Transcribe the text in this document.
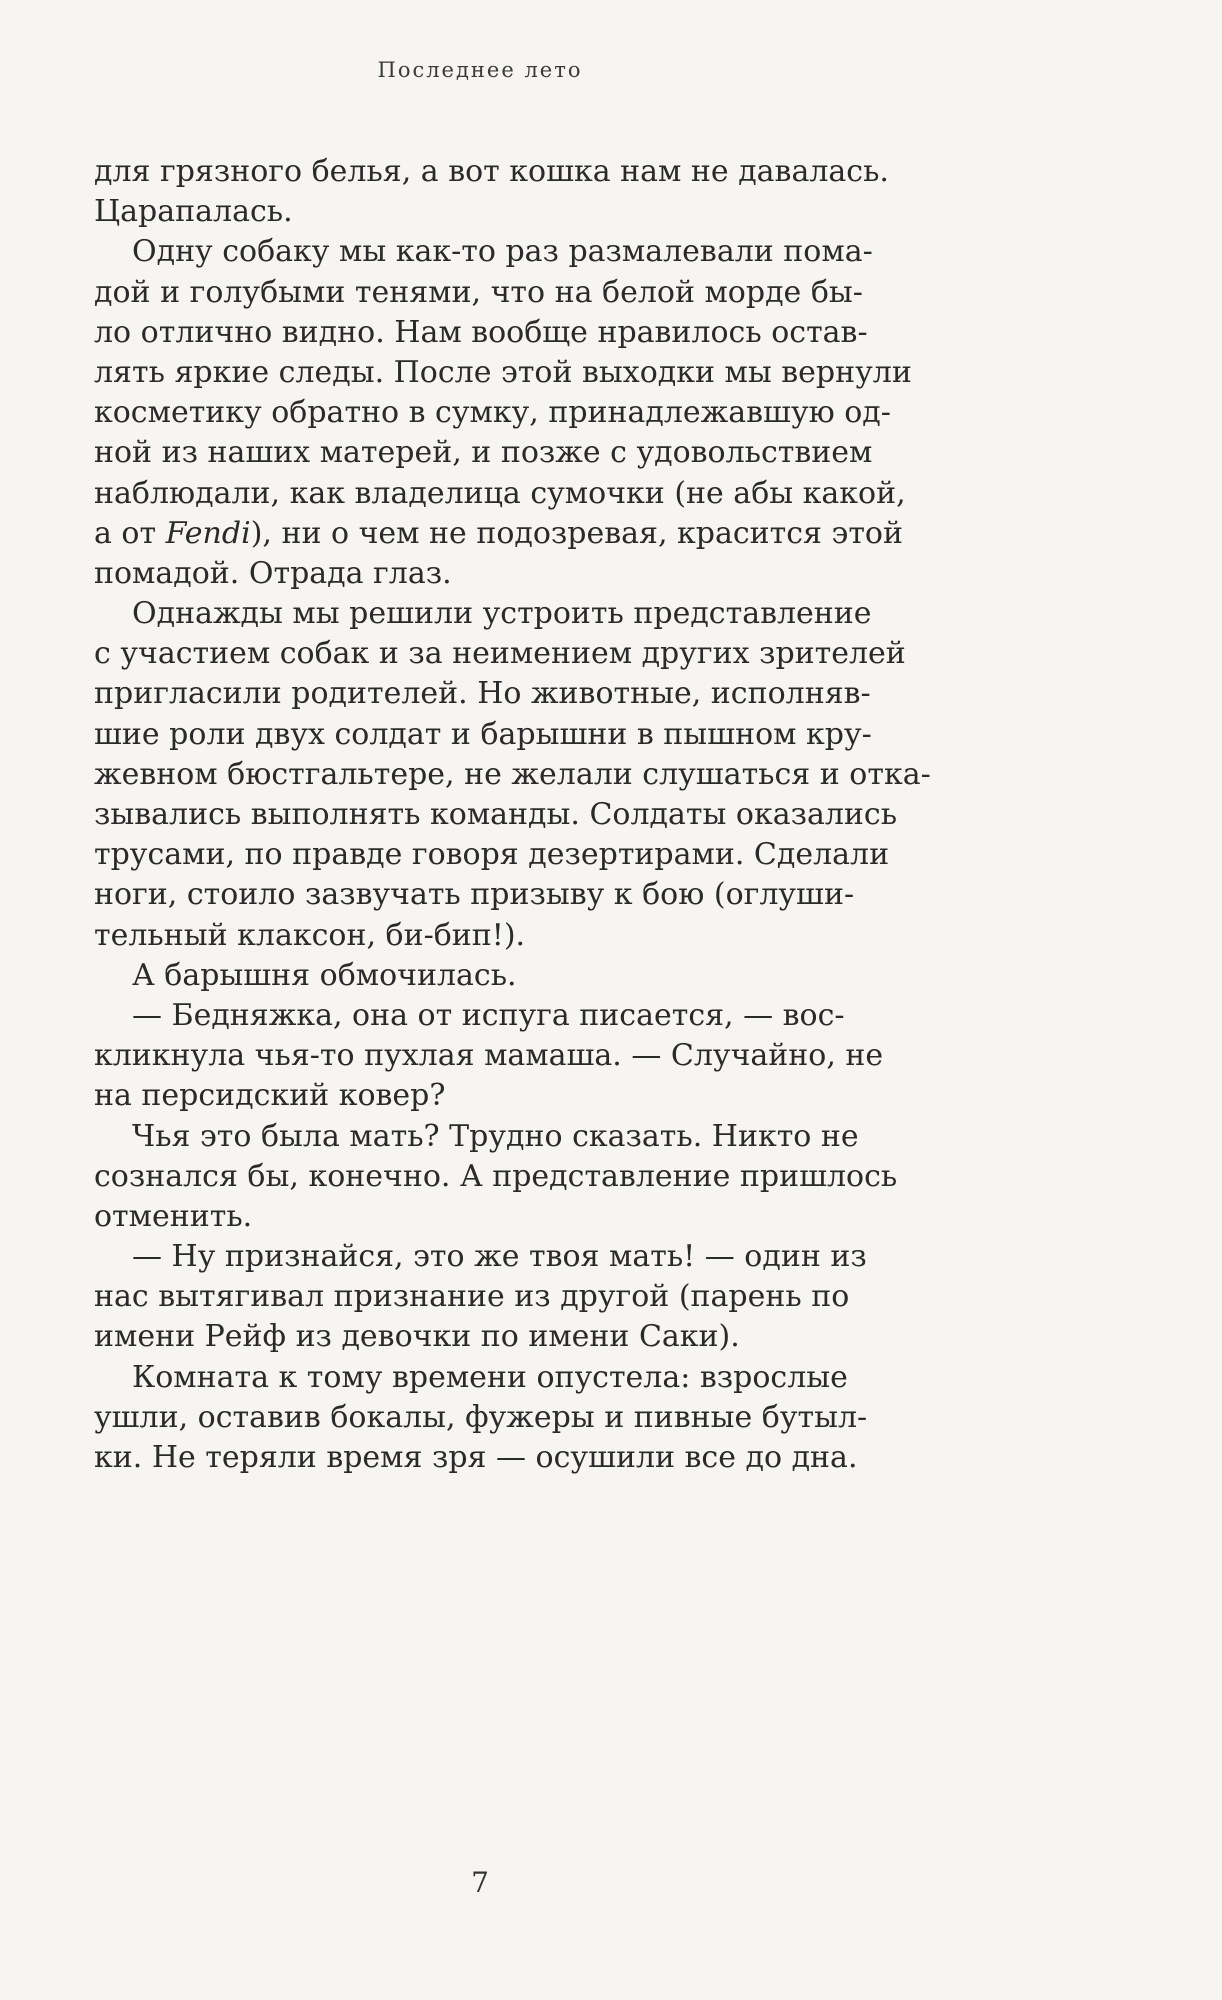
Последнее лето
для грязного белья, а вот кошка нам не давалась.
Царапалась.
Одну собаку мы как-то раз размалевали пома-
дой и голубыми тенями, что на белой морде бы-
ло отлично видно. Нам вообще нравилось остав-
лять яркие следы. После этой выходки мы вернули
косметику обратно в сумку, принадлежавшую од-
ной из наших матерей, и позже с удовольствием
наблюдали, как владелица сумочки (не абы какой,
а от Fendi), ни о чем не подозревая, красится этой
помадой. Отрада глаз.
Однажды мы решили устроить представление
с участием собак и за неимением других зрителей
пригласили родителей. Но животные, исполняв-
шие роли двух солдат и барышни в пышном кру-
жевном бюстгальтере, не желали слушаться и отка-
зывались выполнять команды. Солдаты оказались
трусами, по правде говоря дезертирами. Сделали
ноги, стоило зазвучать призыву к бою (оглуши-
тельный клаксон, би-бип!).
А барышня обмочилась.
— Бедняжка, она от испуга писается, — вос-
кликнула чья-то пухлая мамаша. — Случайно, не
на персидский ковер?
Чья это была мать? Трудно сказать. Никто не
сознался бы, конечно. А представление пришлось
отменить.
— Ну признайся, это же твоя мать! — один из
нас вытягивал признание из другой (парень по
имени Рейф из девочки по имени Саки).
Комната к тому времени опустела: взрослые
ушли, оставив бокалы, фужеры и пивные бутыл-
ки. Не теряли время зря — осушили все до дна.
7
